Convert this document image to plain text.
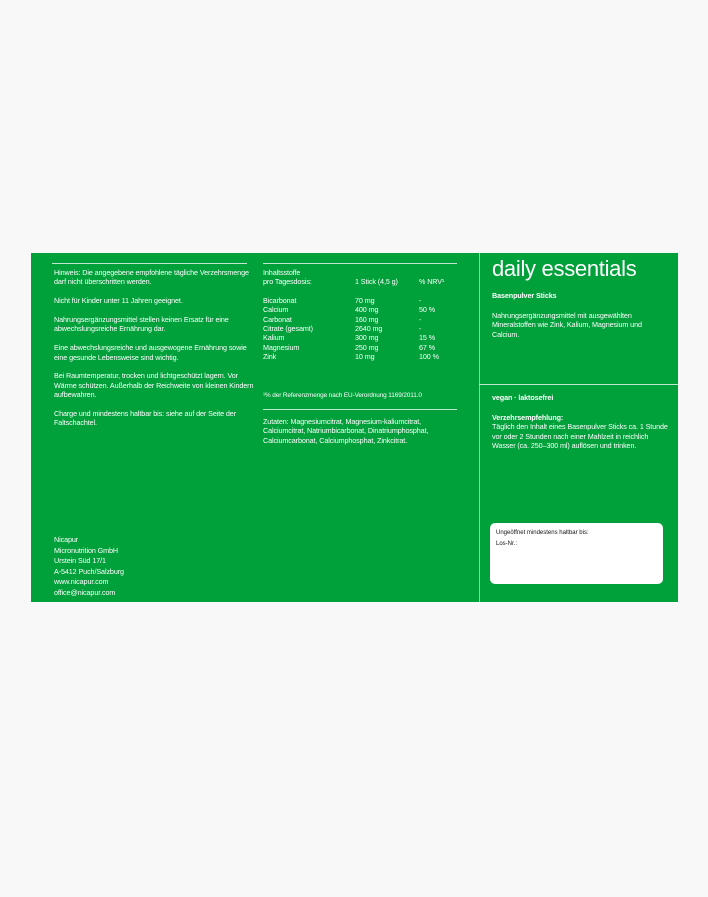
Hinweis: Die angegebene empfohlene tägliche Verzehrsmenge darf nicht überschritten werden.

Nicht für Kinder unter 11 Jahren geeignet.

Nahrungsergänzungsmittel stellen keinen Ersatz für eine abwechslungsreiche Ernährung dar.

Eine abwechslungsreiche und ausgewogene Ernährung sowie eine gesunde Lebensweise sind wichtig.

Bei Raumtemperatur, trocken und lichtgeschützt lagern. Vor Wärme schützen. Außerhalb der Reichweite von kleinen Kindern aufbewahren.

Charge und mindestens haltbar bis: siehe auf der Seite der Faltschachtel.

Nicapur

Micronutrition GmbH

Urstein Süd 17/1

A-5412 Puch/Salzburg

www.nicapur.com

office@nicapur.com

Inhaltsstoffe
pro Tagesdosis:	1 Stick (4,5 g)	% NRV¹

Bicarbonat	70 mg	-
Calcium	400 mg	50 %
Carbonat	160 mg	-
Citrate (gesamt)	2640 mg	-
Kalium	300 mg	15 %
Magnesium	250 mg	67 %
Zink	10 mg	100 %
¹% der Referenzmenge nach EU-Verordnung 1169/2011.0
Zutaten: Magnesiumcitrat, Magnesium-kaliumcitrat, Calciumcitrat, Natriumbicarbonat, Dinatriumphosphat, Calciumcarbonat, Calciumphosphat, Zinkcitrat.
daily essentials
Basenpulver Sticks
Nahrungsergänzungsmittel mit ausgewählten Mineralstoffen wie Zink, Kalium, Magnesium und Calcium.
vegan · laktosefrei

Verzehrsempfehlung:

Täglich den Inhalt eines Basenpulver Sticks ca. 1 Stunde vor oder 2 Stunden nach einer Mahlzeit in reichlich Wasser (ca. 250–300 ml) auflösen und trinken.

Ungeöffnet mindestens haltbar bis:
Los-Nr.:
